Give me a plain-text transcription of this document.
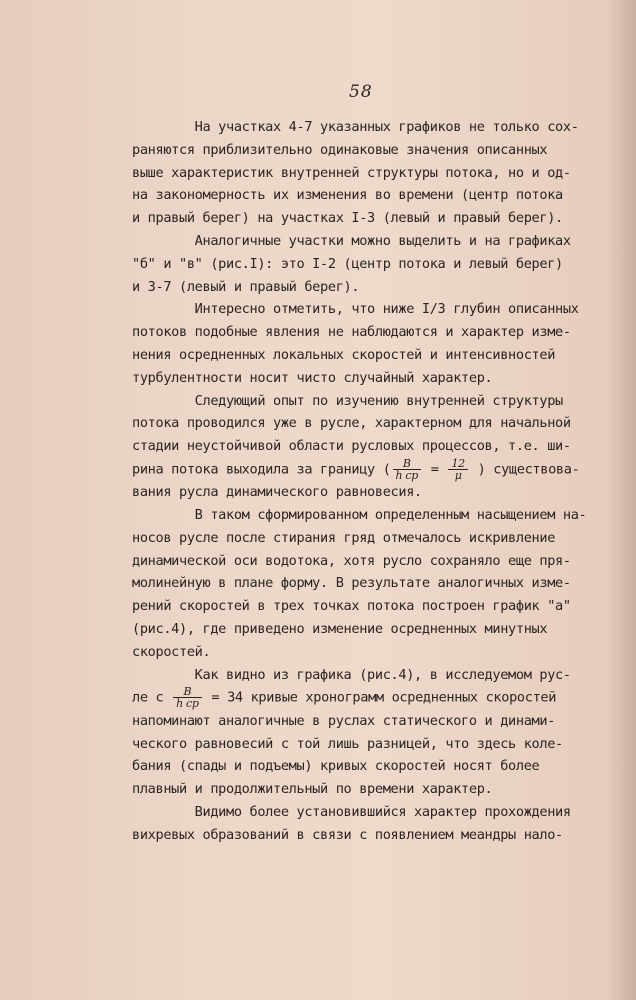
58
На участках 4-7 указанных графиков не только сох-
раняются приблизительно одинаковые значения описанных
выше характеристик внутренней структуры потока, но и од-
на закономерность их изменения во времени (центр потока
и правый берег) на участках I-3 (левый и правый берег).
Аналогичные участки можно выделить и на графиках
"б" и "в" (рис.I): это I-2 (центр потока и левый берег)
и 3-7 (левый и правый берег).
Интересно отметить, что ниже I/3 глубин описанных
потоков подобные явления не наблюдаются и характер изме-
нения осредненных локальных скоростей и интенсивностей
турбулентности носит чисто случайный характер.
Следующий опыт по изучению внутренней структуры
потока проводился уже в русле, характерном для начальной
стадии неустойчивой области русловых процессов, т.е. ши-
рина потока выходила за границу ( $\frac{B}{\text{h cp}} = \frac{12}{\mu}$ ) существова-
вания русла динамического равновесия.
В таком сформированном определенным насыщением на-
носов русле после стирания гряд отмечалось искривление
динамической оси водотока, хотя русло сохраняло еще пря-
молинейную в плане форму. В результате аналогичных изме-
рений скоростей в трех точках потока построен график "а"
(рис.4), где приведено изменение осредненных минутных
скоростей.
Как видно из графика (рис.4), в исследуемом рус-
ле с $\frac{B}{\text{h cp}} = 34$ кривые хронограмм осредненных скоростей
напоминают аналогичные в руслах статического и динами-
ческого равновесий с той лишь разницей, что здесь коле-
бания (спады и подъемы) кривых скоростей носят более
плавный и продолжительный по времени характер.
Видимо более установившийся характер прохождения
вихревых образований в связи с появлением меандры нало-
